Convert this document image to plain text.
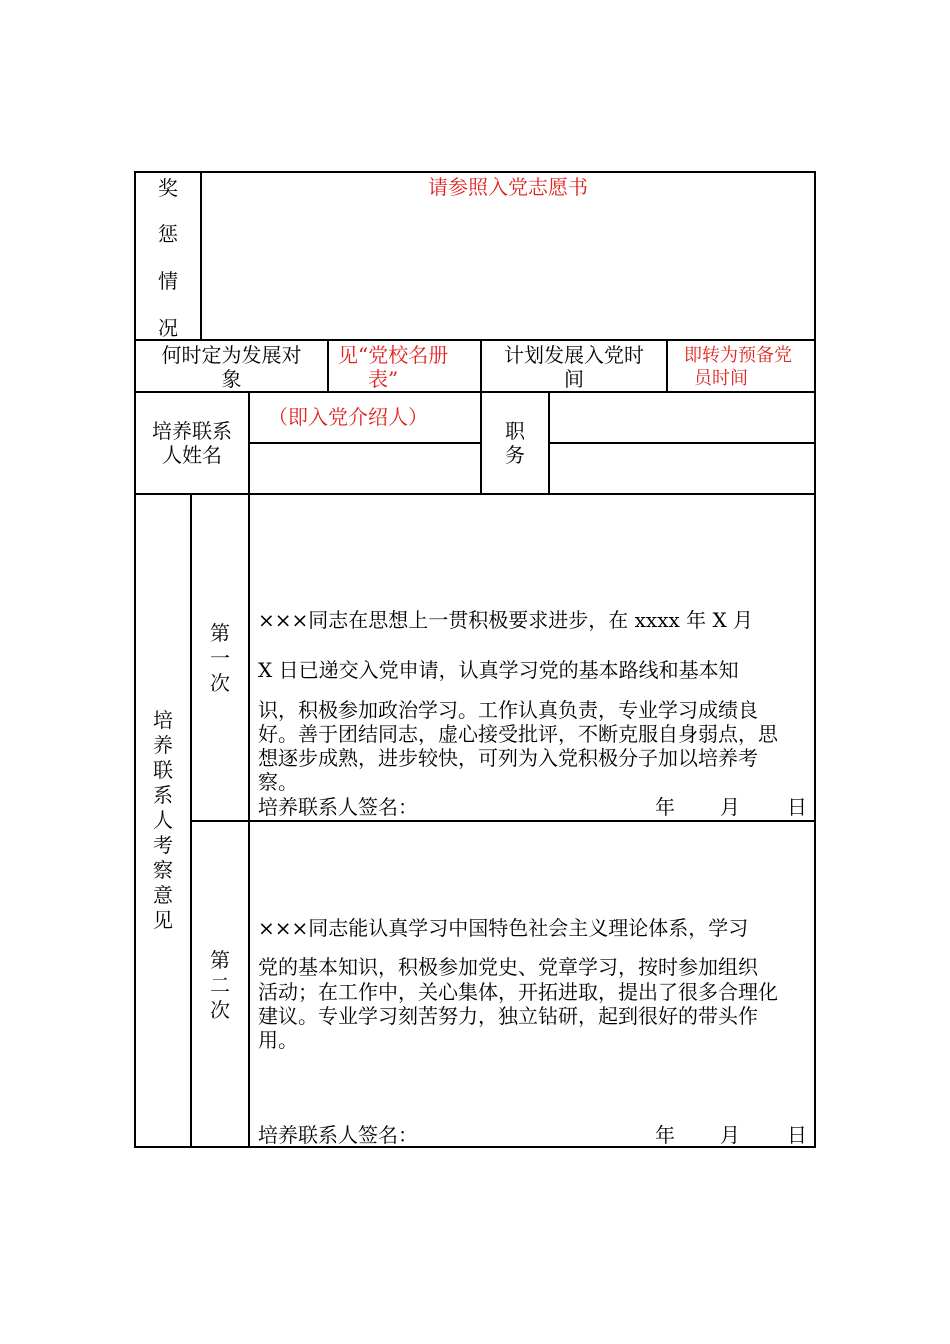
奖
惩
情
况
请参照入党志愿书
何时定为发展对
象
见“党校名册
表”
计划发展入党时
间
即转为预备党
员时间
培养联系
人姓名
（即入党介绍人）
职
务
培
养
联
系
人
考
察
意
见
第
一
次
×××同志在思想上一贯积极要求进步，在 xxxx 年 X 月
X 日已递交入党申请，认真学习党的基本路线和基本知
识，积极参加政治学习。工作认真负责，专业学习成绩良
好。善于团结同志，虚心接受批评，不断克服自身弱点，思
想逐步成熟，进步较快，可列为入党积极分子加以培养考
察。
培养联系人签名：	年 月 日
第
二
次
×××同志能认真学习中国特色社会主义理论体系，学习
党的基本知识，积极参加党史、党章学习，按时参加组织
活动；在工作中，关心集体，开拓进取，提出了很多合理化
建议。专业学习刻苦努力，独立钻研，起到很好的带头作
用。
培养联系人签名：	年 月 日
